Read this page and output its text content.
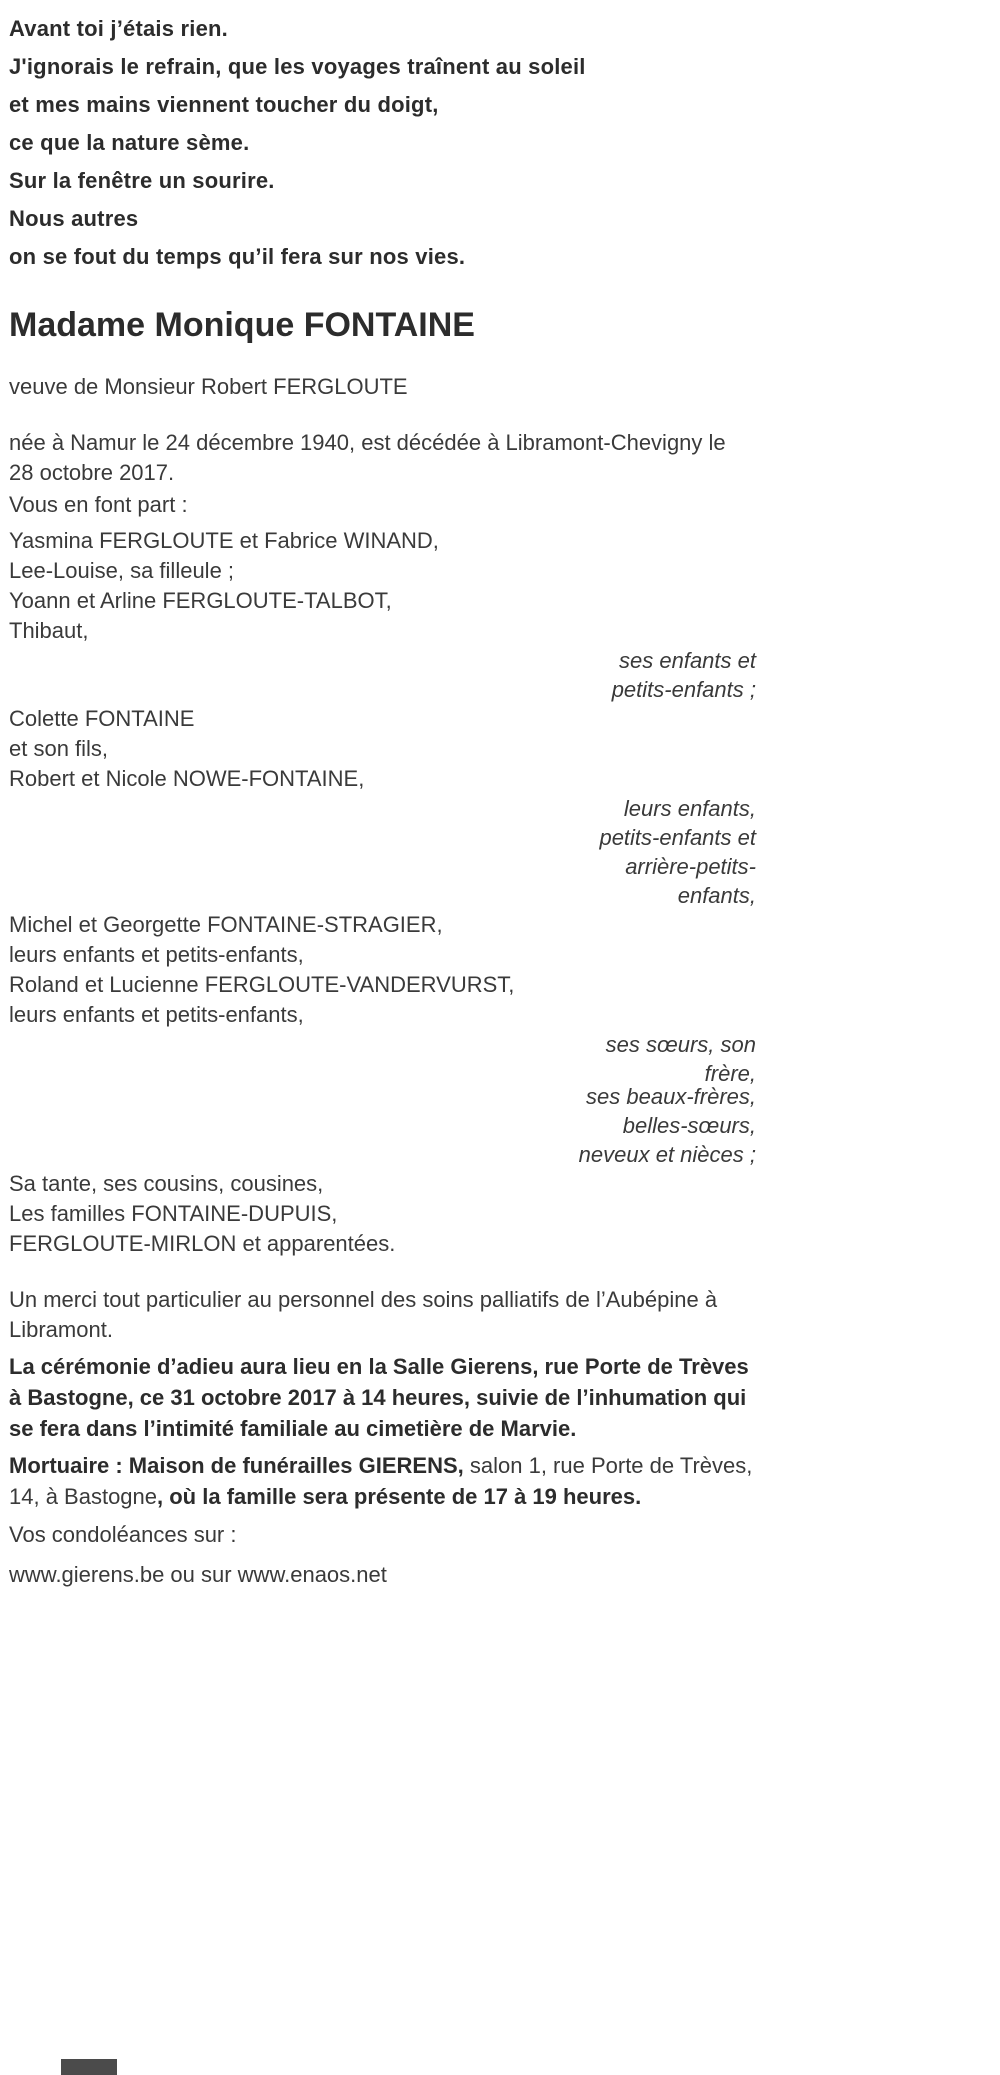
Avant toi j’étais rien.
J'ignorais le refrain, que les voyages traînent au soleil
et mes mains viennent toucher du doigt,
ce que la nature sème.
Sur la fenêtre un sourire.
Nous autres
on se fout du temps qu’il fera sur nos vies.
Madame Monique FONTAINE
veuve de Monsieur Robert FERGLOUTE
née à Namur le 24 décembre 1940, est décédée à Libramont-Chevigny le 28 octobre 2017.
Vous en font part :
Yasmina FERGLOUTE et Fabrice WINAND,
Lee-Louise, sa filleule ;
Yoann et Arline FERGLOUTE-TALBOT,
Thibaut,
ses enfants et
petits-enfants ;
Colette FONTAINE
et son fils,
Robert et Nicole NOWE-FONTAINE,
leurs enfants,
petits-enfants et
arrière-petits-
enfants,
Michel et Georgette FONTAINE-STRAGIER,
leurs enfants et petits-enfants,
Roland et Lucienne FERGLOUTE-VANDERVURST,
leurs enfants et petits-enfants,
ses sœurs, son
frère,
ses beaux-frères,
belles-sœurs,
neveux et nièces ;
Sa tante, ses cousins, cousines,
Les familles FONTAINE-DUPUIS,
FERGLOUTE-MIRLON et apparentées.
Un merci tout particulier au personnel des soins palliatifs de l’Aubépine à Libramont.
La cérémonie d’adieu aura lieu en la Salle Gierens, rue Porte de Trèves à Bastogne, ce 31 octobre 2017 à 14 heures, suivie de l’inhumation qui se fera dans l’intimité familiale au cimetière de Marvie.
Mortuaire : Maison de funérailles GIERENS, salon 1, rue Porte de Trèves, 14, à Bastogne, où la famille sera présente de 17 à 19 heures.
Vos condoléances sur :
www.gierens.be ou sur www.enaos.net
